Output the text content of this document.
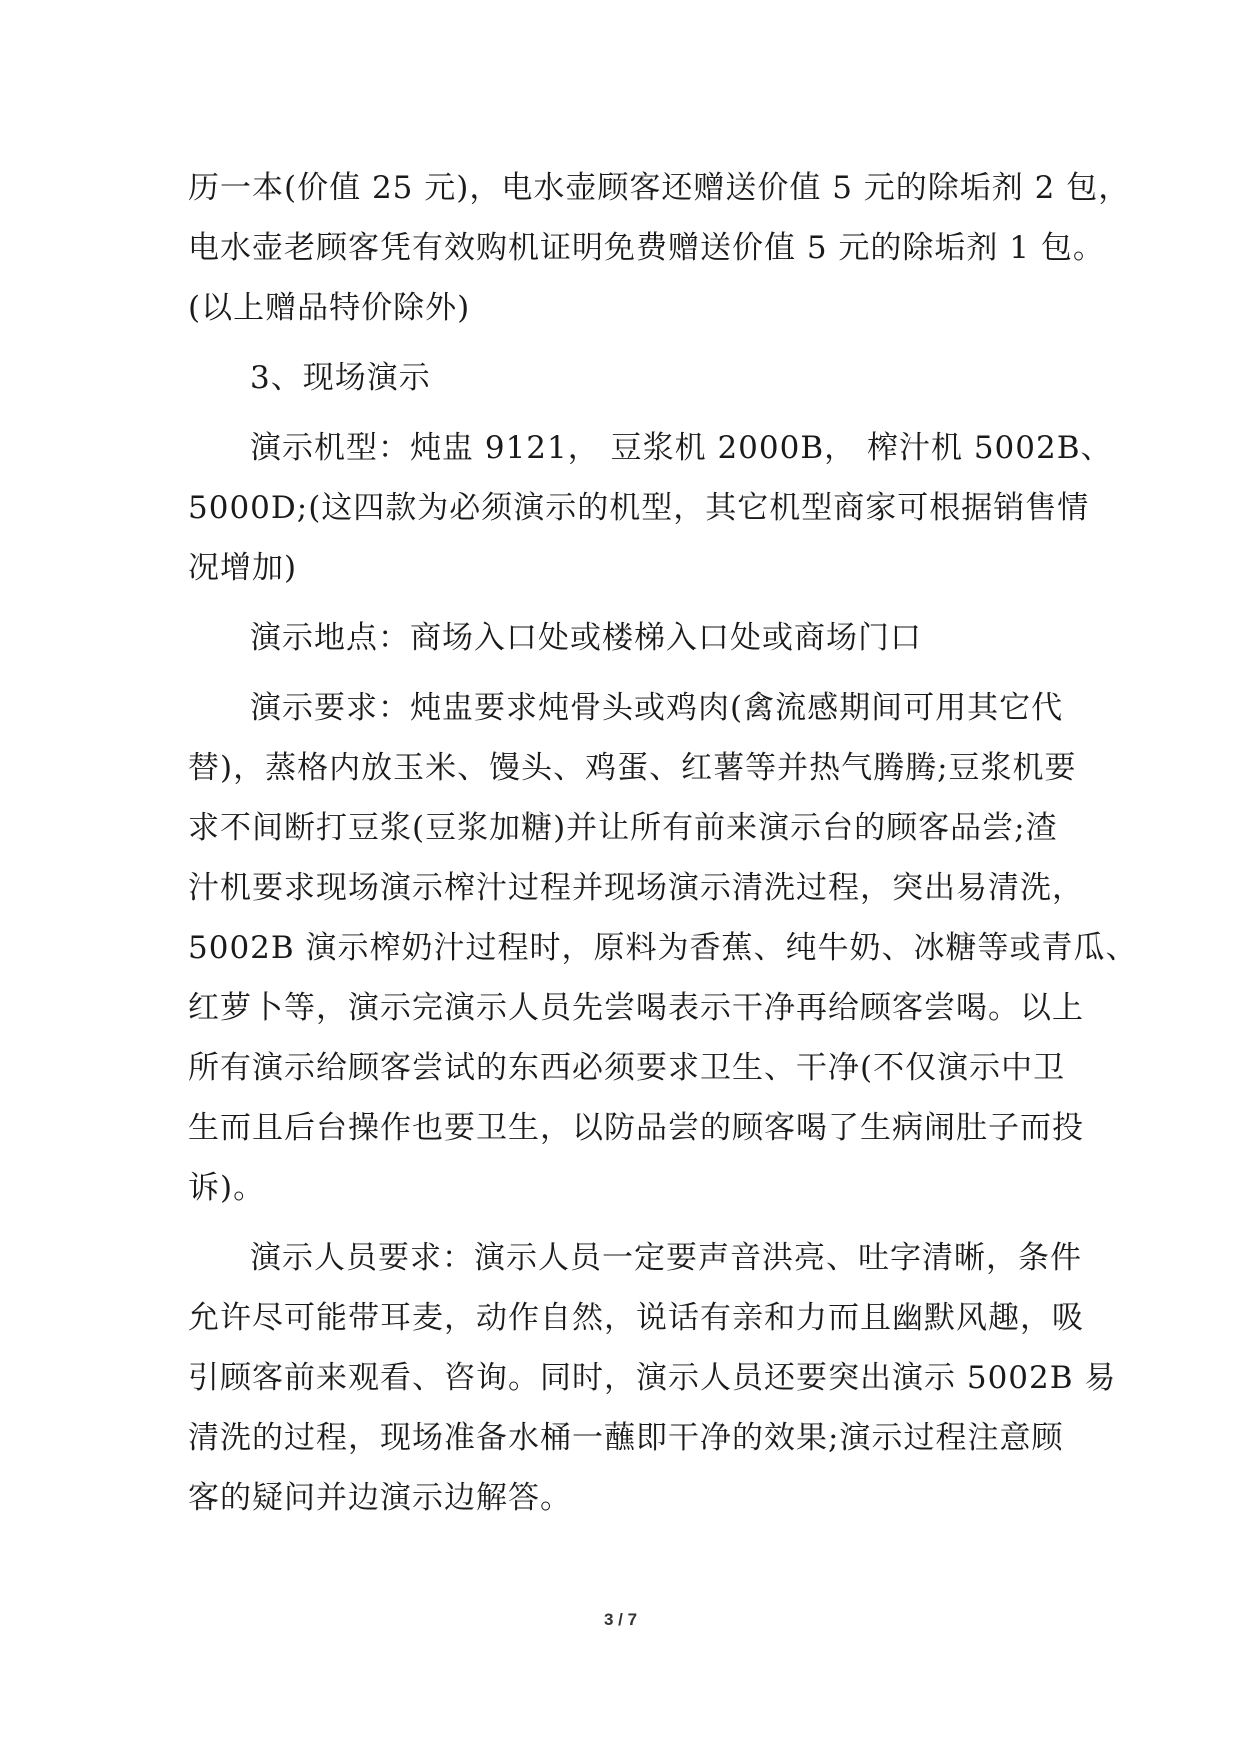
历一本(价值 25 元)，电水壶顾客还赠送价值 5 元的除垢剂 2 包，
电水壶老顾客凭有效购机证明免费赠送价值 5 元的除垢剂 1 包。
(以上赠品特价除外)
3、现场演示
演示机型：炖盅 9121， 豆浆机 2000B， 榨汁机 5002B、
5000D;(这四款为必须演示的机型，其它机型商家可根据销售情
况增加)
演示地点：商场入口处或楼梯入口处或商场门口
演示要求：炖盅要求炖骨头或鸡肉(禽流感期间可用其它代
替)，蒸格内放玉米、馒头、鸡蛋、红薯等并热气腾腾;豆浆机要
求不间断打豆浆(豆浆加糖)并让所有前来演示台的顾客品尝;渣
汁机要求现场演示榨汁过程并现场演示清洗过程，突出易清洗，
5002B 演示榨奶汁过程时，原料为香蕉、纯牛奶、冰糖等或青瓜、
红萝卜等，演示完演示人员先尝喝表示干净再给顾客尝喝。以上
所有演示给顾客尝试的东西必须要求卫生、干净(不仅演示中卫
生而且后台操作也要卫生，以防品尝的顾客喝了生病闹肚子而投
诉)。
演示人员要求：演示人员一定要声音洪亮、吐字清晰，条件
允许尽可能带耳麦，动作自然，说话有亲和力而且幽默风趣，吸
引顾客前来观看、咨询。同时，演示人员还要突出演示 5002B 易
清洗的过程，现场准备水桶一蘸即干净的效果;演示过程注意顾
客的疑问并边演示边解答。
3 / 7
